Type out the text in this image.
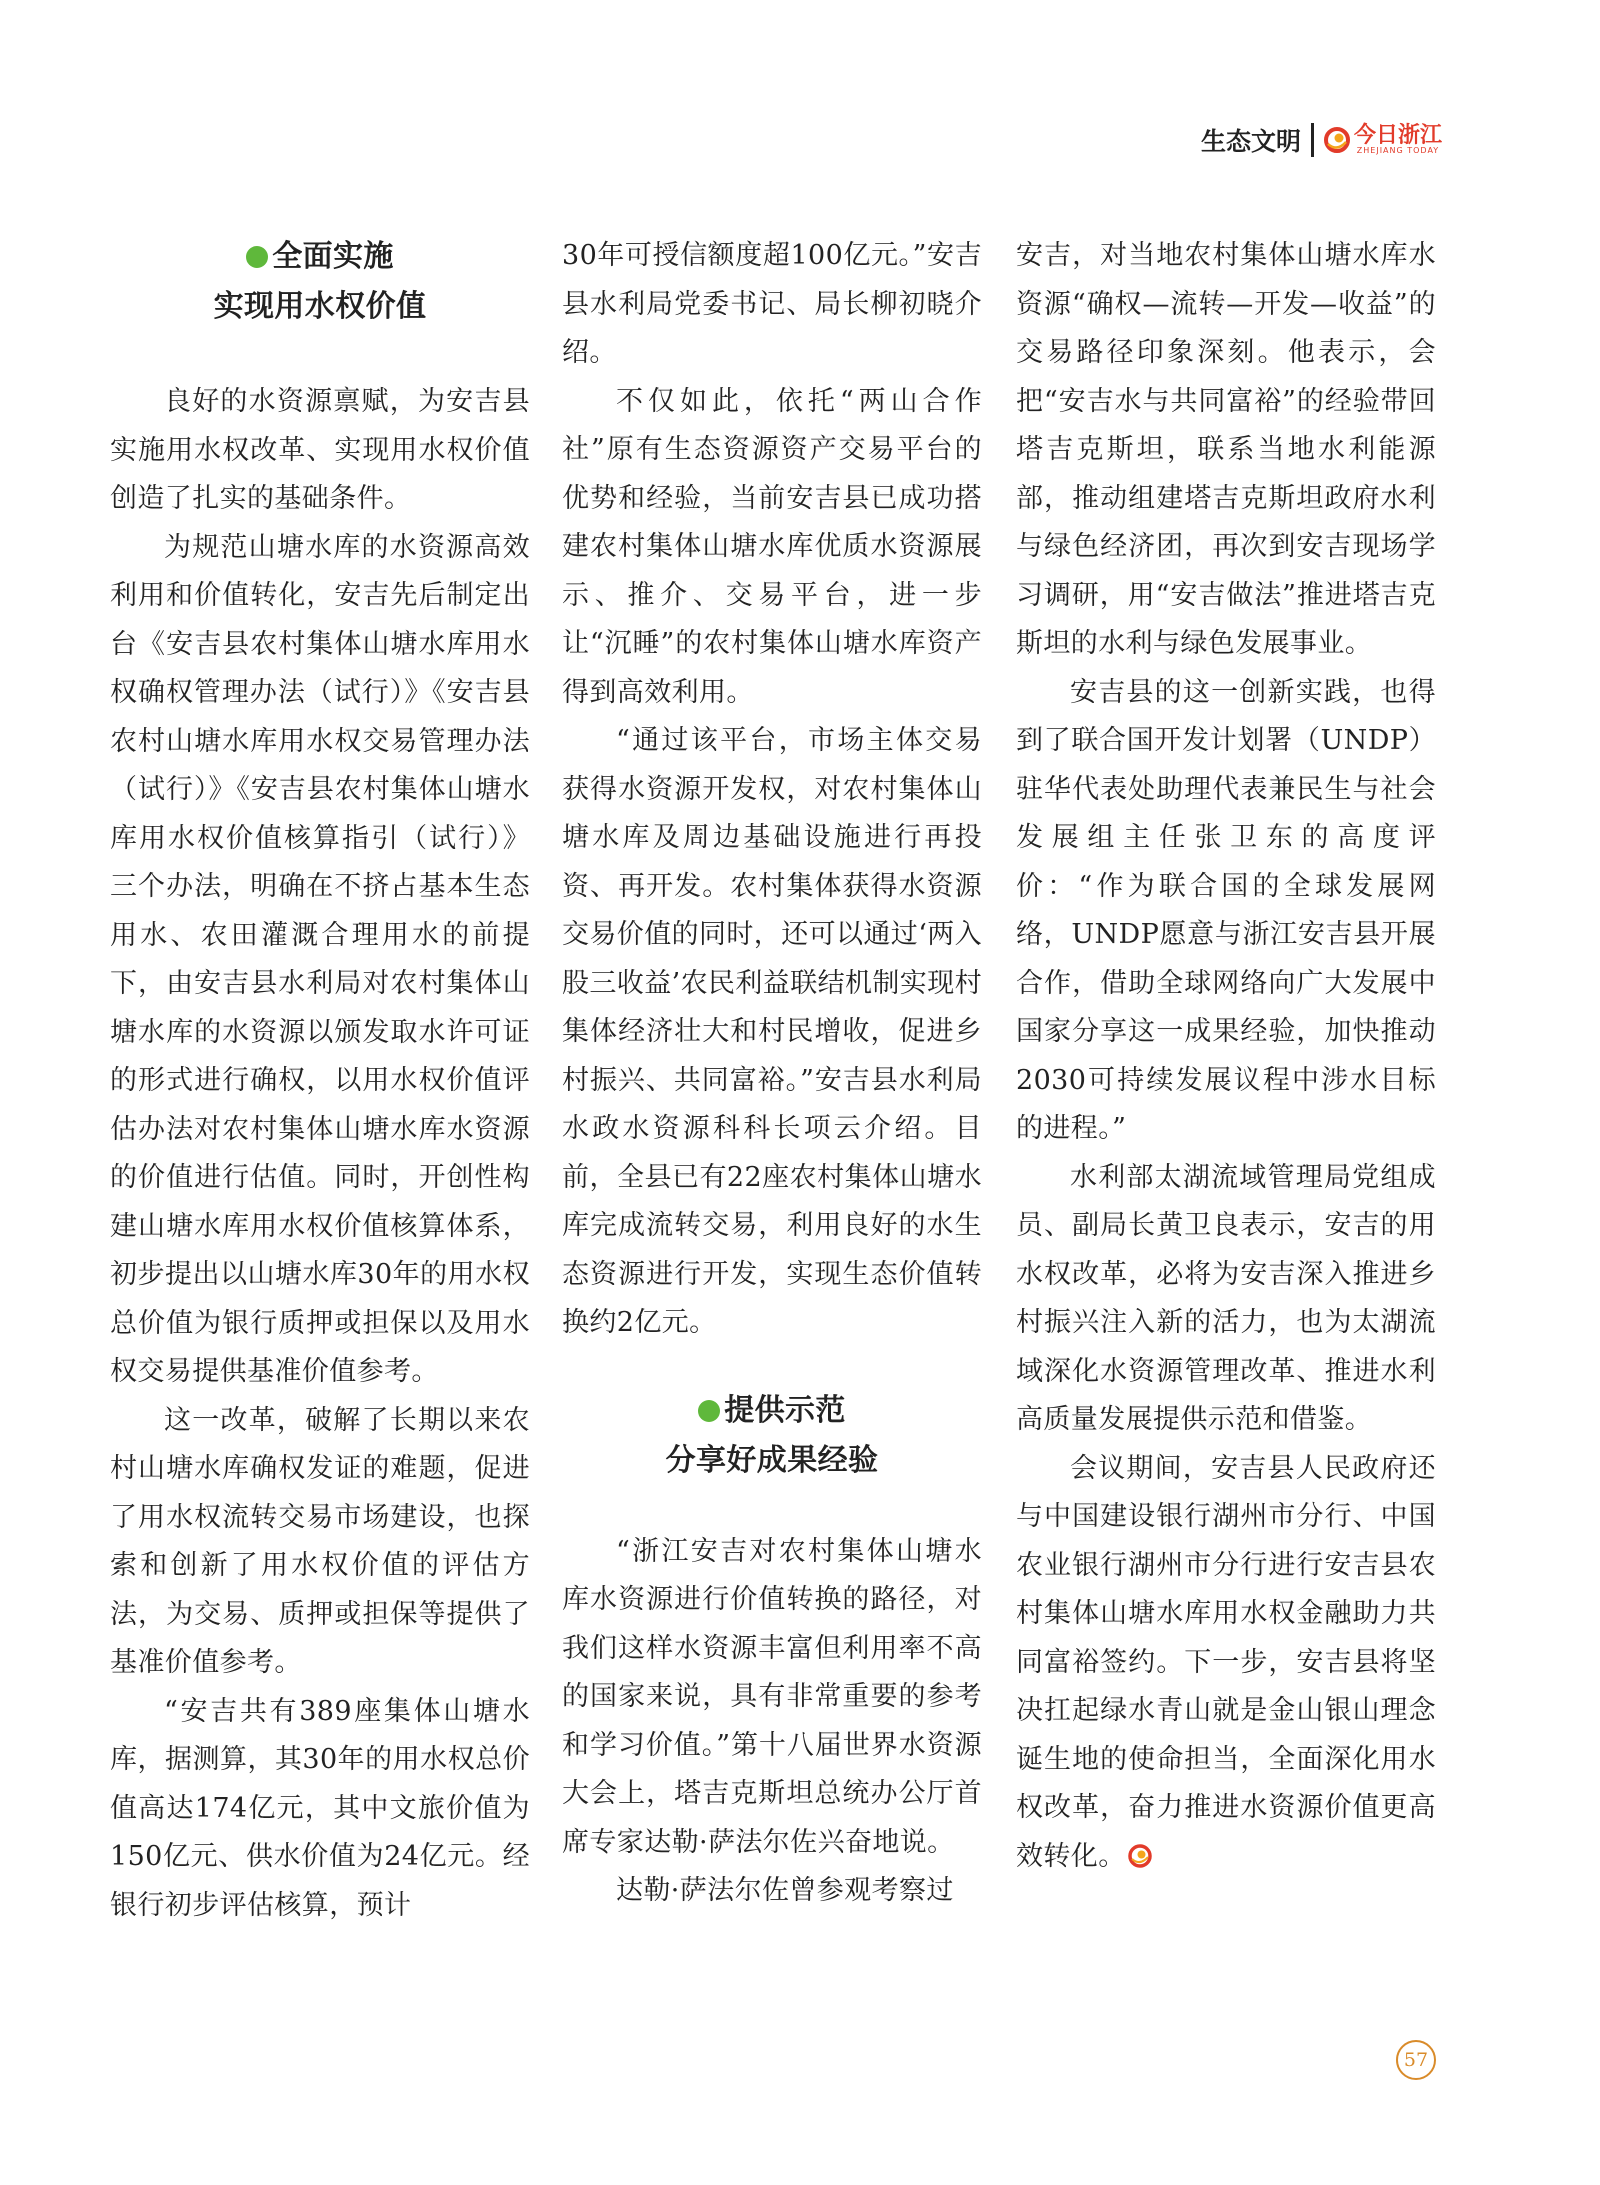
生态文明 今日浙江
ZHEJIANG TODAY
全面实施
实现用水权价值

良好的水资源禀赋，为安吉县实施用水权改革、实现用水权价值创造了扎实的基础条件。

为规范山塘水库的水资源高效利用和价值转化，安吉先后制定出台《安吉县农村集体山塘水库用水权确权管理办法（试行）》《安吉县农村山塘水库用水权交易管理办法（试行）》《安吉县农村集体山塘水库用水权价值核算指引（试行）》三个办法，明确在不挤占基本生态用水、农田灌溉合理用水的前提下，由安吉县水利局对农村集体山塘水库的水资源以颁发取水许可证的形式进行确权，以用水权价值评估办法对农村集体山塘水库水资源的价值进行估值。同时，开创性构建山塘水库用水权价值核算体系，初步提出以山塘水库30年的用水权总价值为银行质押或担保以及用水权交易提供基准价值参考。

这一改革，破解了长期以来农村山塘水库确权发证的难题，促进了用水权流转交易市场建设，也探索和创新了用水权价值的评估方法，为交易、质押或担保等提供了基准价值参考。

“安吉共有389座集体山塘水库，据测算，其30年的用水权总价值高达174亿元，其中文旅价值为150亿元、供水价值为24亿元。经银行初步评估核算，预计

30年可授信额度超100亿元。”安吉县水利局党委书记、局长柳初晓介绍。

不仅如此，依托“两山合作社”原有生态资源资产交易平台的优势和经验，当前安吉县已成功搭建农村集体山塘水库优质水资源展示、推介、交易平台，进一步让“沉睡”的农村集体山塘水库资产得到高效利用。

“通过该平台，市场主体交易获得水资源开发权，对农村集体山塘水库及周边基础设施进行再投资、再开发。农村集体获得水资源交易价值的同时，还可以通过‘两入股三收益’农民利益联结机制实现村集体经济壮大和村民增收，促进乡村振兴、共同富裕。”安吉县水利局水政水资源科科长项云介绍。目前，全县已有22座农村集体山塘水库完成流转交易，利用良好的水生态资源进行开发，实现生态价值转换约2亿元。

提供示范
分享好成果经验

“浙江安吉对农村集体山塘水库水资源进行价值转换的路径，对我们这样水资源丰富但利用率不高的国家来说，具有非常重要的参考和学习价值。”第十八届世界水资源大会上，塔吉克斯坦总统办公厅首席专家达勒·萨法尔佐兴奋地说。

达勒·萨法尔佐曾参观考察过

安吉，对当地农村集体山塘水库水资源“确权—流转—开发—收益”的交易路径印象深刻。他表示，会把“安吉水与共同富裕”的经验带回塔吉克斯坦，联系当地水利能源部，推动组建塔吉克斯坦政府水利与绿色经济团，再次到安吉现场学习调研，用“安吉做法”推进塔吉克斯坦的水利与绿色发展事业。

安吉县的这一创新实践，也得到了联合国开发计划署（UNDP）驻华代表处助理代表兼民生与社会发展组主任张卫东的高度评价：“作为联合国的全球发展网络，UNDP愿意与浙江安吉县开展合作，借助全球网络向广大发展中国家分享这一成果经验，加快推动2030可持续发展议程中涉水目标的进程。”

水利部太湖流域管理局党组成员、副局长黄卫良表示，安吉的用水权改革，必将为安吉深入推进乡村振兴注入新的活力，也为太湖流域深化水资源管理改革、推进水利高质量发展提供示范和借鉴。

会议期间，安吉县人民政府还与中国建设银行湖州市分行、中国农业银行湖州市分行进行安吉县农村集体山塘水库用水权金融助力共同富裕签约。下一步，安吉县将坚决扛起绿水青山就是金山银山理念诞生地的使命担当，全面深化用水权改革，奋力推进水资源价值更高效转化。

57
